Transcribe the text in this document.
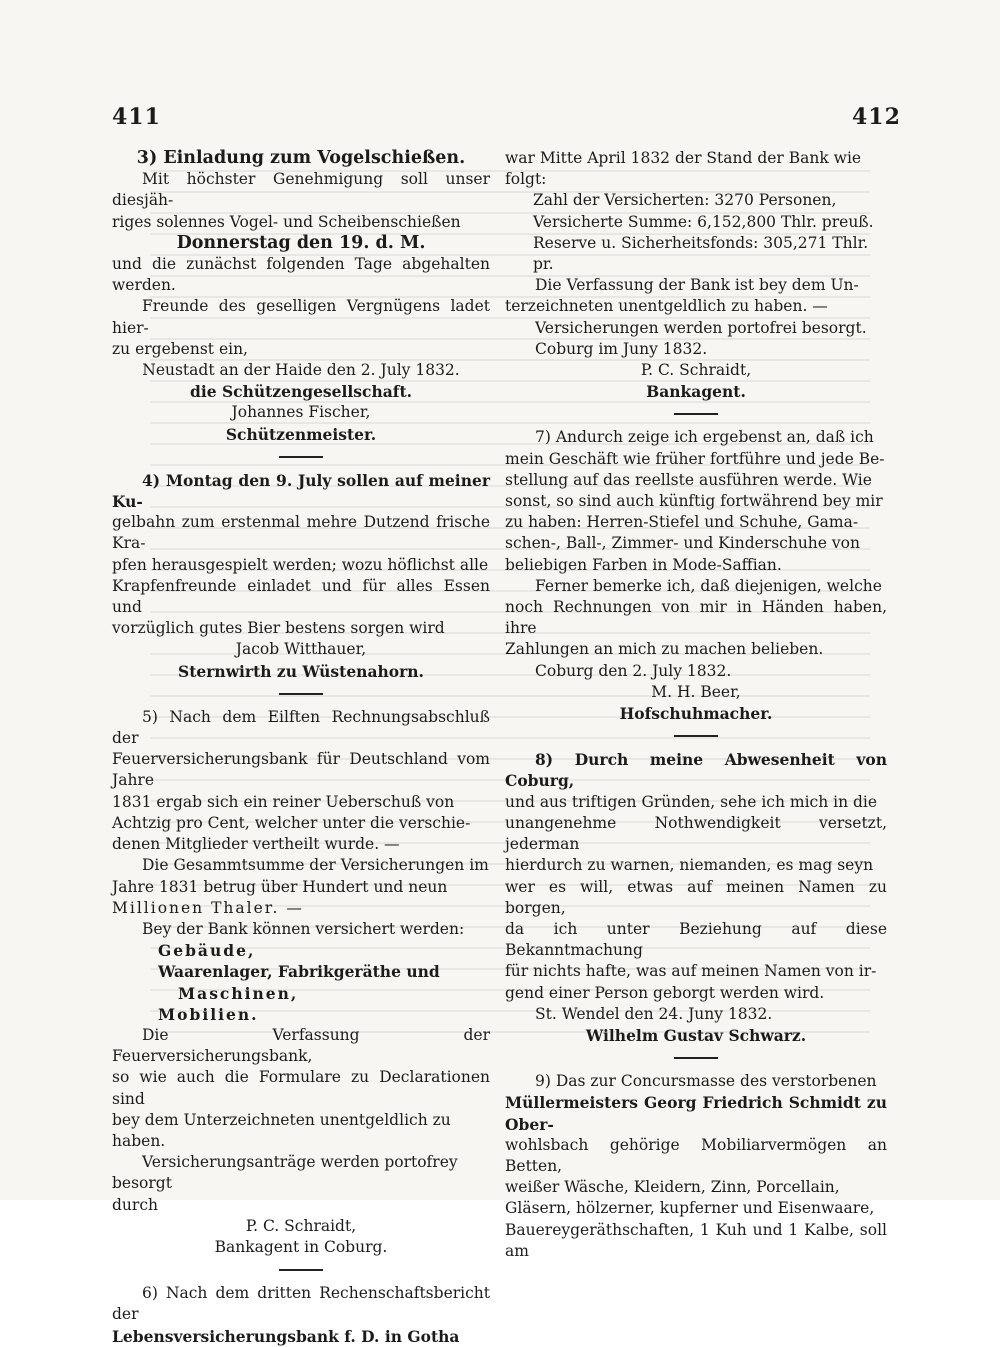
411	412

3) Einladung zum Vogelschießen.

Mit höchster Genehmigung soll unser diesjäh-

riges solennes Vogel- und Scheibenschießen

Donnerstag den 19. d. M.

und die zunächst folgenden Tage abgehalten werden.

Freunde des geselligen Vergnügens ladet hier-

zu ergebenst ein,

Neustadt an der Haide den 2. July 1832.

die Schützengesellschaft.

Johannes Fischer,

Schützenmeister.

4) Montag den 9. July sollen auf meiner Ku-

gelbahn zum erstenmal mehre Dutzend frische Kra-

pfen herausgespielt werden; wozu höflichst alle

Krapfenfreunde einladet und für alles Essen und

vorzüglich gutes Bier bestens sorgen wird

Jacob Witthauer,

Sternwirth zu Wüstenahorn.

5) Nach dem Eilften Rechnungsabschluß der

Feuerversicherungsbank für Deutschland vom Jahre

1831 ergab sich ein reiner Ueberschuß von

Achtzig pro Cent, welcher unter die verschie-

denen Mitglieder vertheilt wurde. —

Die Gesammtsumme der Versicherungen im

Jahre 1831 betrug über Hundert und neun

Millionen Thaler. —

Bey der Bank können versichert werden:

Gebäude,

Waarenlager, Fabrikgeräthe und

Maschinen,

Mobilien.

Die Verfassung der Feuerversicherungsbank,

so wie auch die Formulare zu Declarationen sind

bey dem Unterzeichneten unentgeldlich zu haben.

Versicherungsanträge werden portofrey besorgt

durch

P. C. Schraidt,

Bankagent in Coburg.

6) Nach dem dritten Rechenschaftsbericht der

Lebensversicherungsbank f. D. in Gotha

war Mitte April 1832 der Stand der Bank wie

folgt:

Zahl der Versicherten: 3270 Personen,

Versicherte Summe: 6,152,800 Thlr. preuß.

Reserve u. Sicherheitsfonds: 305,271 Thlr. pr.

Die Verfassung der Bank ist bey dem Un-

terzeichneten unentgeldlich zu haben. —

Versicherungen werden portofrei besorgt.

Coburg im Juny 1832.

P. C. Schraidt,

Bankagent.

7) Andurch zeige ich ergebenst an, daß ich

mein Geschäft wie früher fortführe und jede Be-

stellung auf das reellste ausführen werde. Wie

sonst, so sind auch künftig fortwährend bey mir

zu haben: Herren-Stiefel und Schuhe, Gama-

schen-, Ball-, Zimmer- und Kinderschuhe von

beliebigen Farben in Mode-Saffian.

Ferner bemerke ich, daß diejenigen, welche

noch Rechnungen von mir in Händen haben, ihre

Zahlungen an mich zu machen belieben.

Coburg den 2. July 1832.

M. H. Beer,

Hofschuhmacher.

8) Durch meine Abwesenheit von Coburg,

und aus triftigen Gründen, sehe ich mich in die

unangenehme Nothwendigkeit versetzt, jederman

hierdurch zu warnen, niemanden, es mag seyn

wer es will, etwas auf meinen Namen zu borgen,

da ich unter Beziehung auf diese Bekanntmachung

für nichts hafte, was auf meinen Namen von ir-

gend einer Person geborgt werden wird.

St. Wendel den 24. Juny 1832.

Wilhelm Gustav Schwarz.

9) Das zur Concursmasse des verstorbenen

Müllermeisters Georg Friedrich Schmidt zu Ober-

wohlsbach gehörige Mobiliarvermögen an Betten,

weißer Wäsche, Kleidern, Zinn, Porcellain,

Gläsern, hölzerner, kupferner und Eisenwaare,

Bauereygeräthschaften, 1 Kuh und 1 Kalbe, soll am
